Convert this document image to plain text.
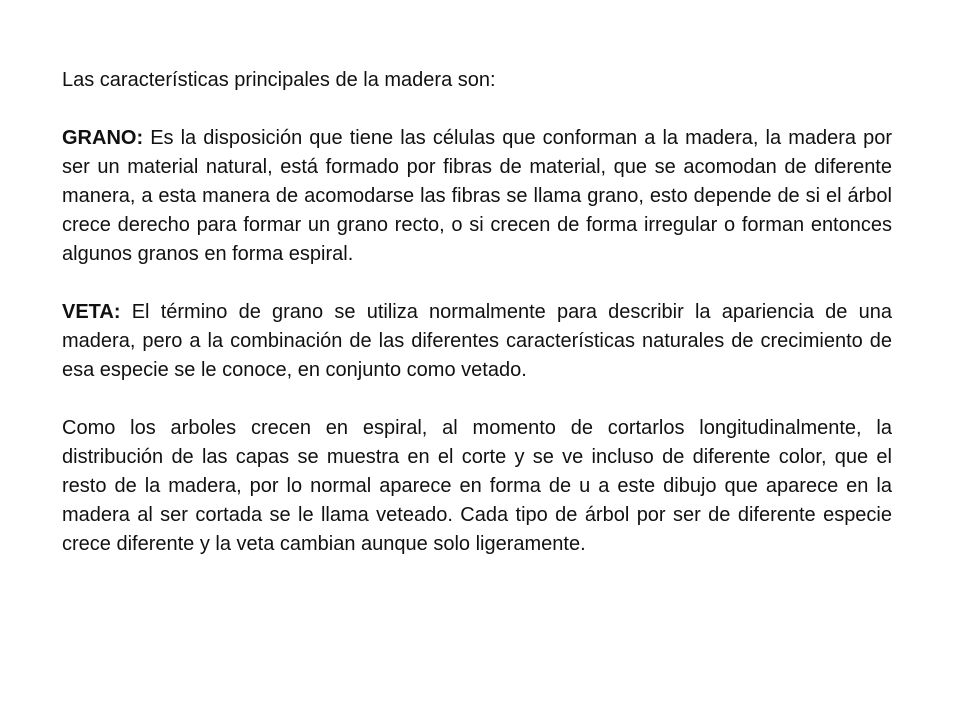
Las características principales de la madera son:

GRANO: Es la disposición que tiene las células que conforman a la madera, la madera por ser un material natural, está formado por fibras de material, que se acomodan de diferente manera, a esta manera de acomodarse las fibras se llama grano, esto depende de si el árbol crece derecho para formar un grano recto, o si crecen de forma irregular o forman entonces algunos granos en forma espiral.

VETA: El término de grano se utiliza normalmente para describir la apariencia de una madera, pero a la combinación de las diferentes características naturales de crecimiento de esa especie se le conoce, en conjunto como vetado.

Como los arboles crecen en espiral, al momento de cortarlos longitudinalmente, la distribución de las capas se muestra en el corte y se ve incluso de diferente color, que el resto de la madera, por lo normal aparece en forma de u a este dibujo que aparece en la madera al ser cortada se le llama veteado. Cada tipo de árbol por ser de diferente especie crece diferente y la veta cambian aunque solo ligeramente.
